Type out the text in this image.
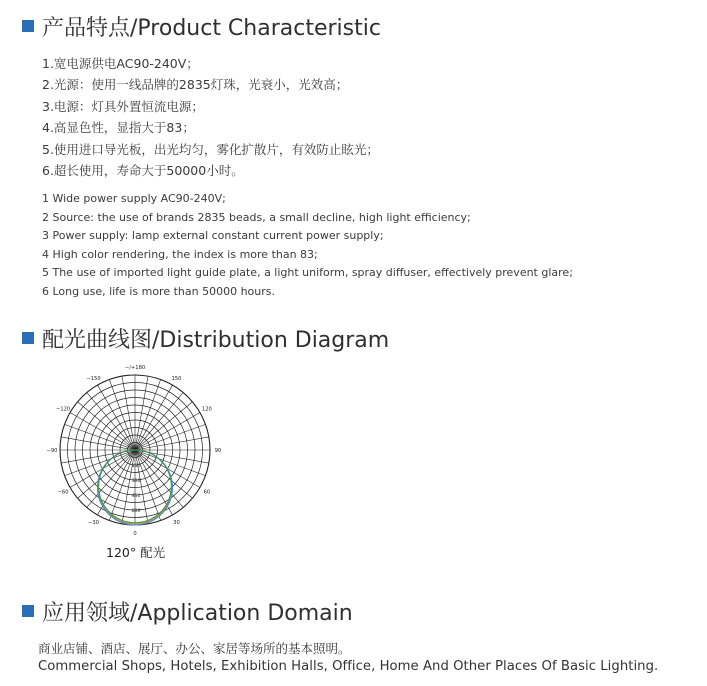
产品特点/Product Characteristic
1.宽电源供电AC90-240V；
2.光源：使用一线品牌的2835灯珠，光衰小，光效高；
3.电源：灯具外置恒流电源；
4.高显色性，显指大于83；
5.使用进口导光板，出光均匀，雾化扩散片，有效防止眩光；
6.超长使用，寿命大于50000小时。
1 Wide power supply AC90-240V;
2 Source: the use of brands 2835 beads, a small decline, high light efficiency;
3 Power supply: lamp external constant current power supply;
4 High color rendering, the index is more than 83;
5 The use of imported light guide plate, a light uniform, spray diffuser, effectively prevent glare;
6 Long use, life is more than 50000 hours.
配光曲线图/Distribution Diagram
−/+180
150
120
90
60
30
0
−30
−60
−90
−120
−150
150
300
450
600
120° 配光
应用领域/Application Domain
商业店铺、酒店、展厅、办公、家居等场所的基本照明。
Commercial Shops, Hotels, Exhibition Halls, Office, Home And Other Places Of Basic Lighting.
